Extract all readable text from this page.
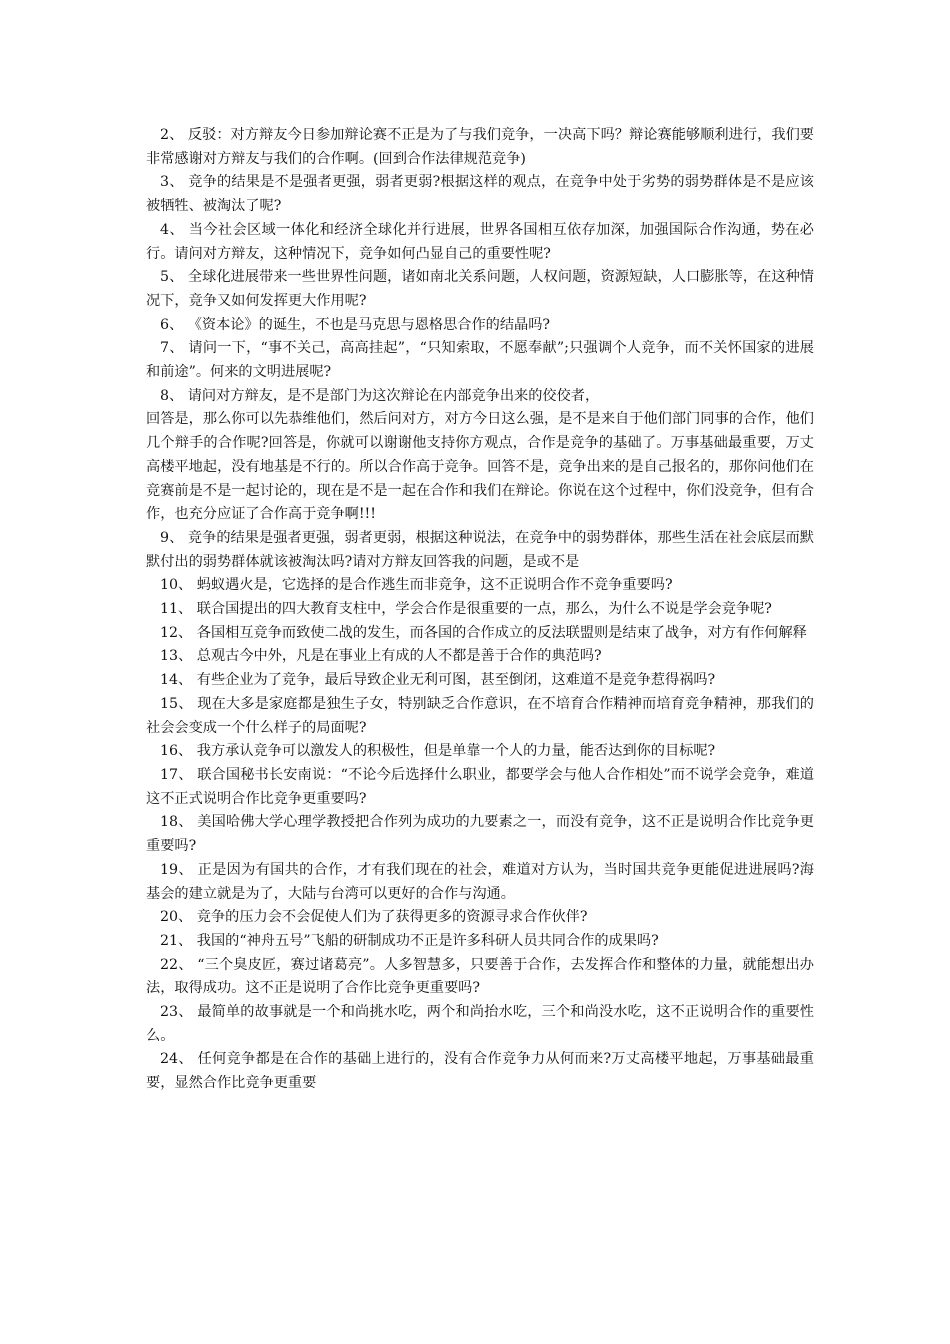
2、 反驳：对方辩友今日参加辩论赛不正是为了与我们竞争，一决高下吗？辩论赛能够顺利进行，我们要非常感谢对方辩友与我们的合作啊。(回到合作法律规范竞争)

3、 竞争的结果是不是强者更强，弱者更弱?根据这样的观点，在竞争中处于劣势的弱势群体是不是应该被牺牲、被淘汰了呢?

4、 当今社会区域一体化和经济全球化并行进展，世界各国相互依存加深，加强国际合作沟通，势在必行。请问对方辩友，这种情况下，竞争如何凸显自己的重要性呢?

5、 全球化进展带来一些世界性问题，诸如南北关系问题，人权问题，资源短缺，人口膨胀等，在这种情况下，竞争又如何发挥更大作用呢?

6、 《资本论》的诞生，不也是马克思与恩格思合作的结晶吗?

7、 请问一下，“事不关己，高高挂起”，“只知索取，不愿奉献”;只强调个人竞争，而不关怀国家的进展和前途”。何来的文明进展呢?

8、 请问对方辩友，是不是部门为这次辩论在内部竞争出来的佼佼者，

回答是，那么你可以先恭维他们，然后问对方，对方今日这么强，是不是来自于他们部门同事的合作，他们几个辩手的合作呢?回答是，你就可以谢谢他支持你方观点，合作是竞争的基础了。万事基础最重要，万丈高楼平地起，没有地基是不行的。所以合作高于竞争。回答不是，竞争出来的是自己报名的，那你问他们在竞赛前是不是一起讨论的，现在是不是一起在合作和我们在辩论。你说在这个过程中，你们没竞争，但有合作，也充分应证了合作高于竞争啊!!!

9、 竞争的结果是强者更强，弱者更弱，根据这种说法，在竞争中的弱势群体，那些生活在社会底层而默默付出的弱势群体就该被淘汰吗?请对方辩友回答我的问题，是或不是

10、 蚂蚁遇火是，它选择的是合作逃生而非竞争，这不正说明合作不竞争重要吗?

11、 联合国提出的四大教育支柱中，学会合作是很重要的一点，那么，为什么不说是学会竞争呢?

12、 各国相互竞争而致使二战的发生，而各国的合作成立的反法联盟则是结束了战争，对方有作何解释

13、 总观古今中外，凡是在事业上有成的人不都是善于合作的典范吗?

14、 有些企业为了竞争，最后导致企业无利可图，甚至倒闭，这难道不是竞争惹得祸吗?

15、 现在大多是家庭都是独生子女，特别缺乏合作意识，在不培育合作精神而培育竞争精神，那我们的社会会变成一个什么样子的局面呢?

16、 我方承认竞争可以激发人的积极性，但是单靠一个人的力量，能否达到你的目标呢?

17、 联合国秘书长安南说：“不论今后选择什么职业，都要学会与他人合作相处”而不说学会竞争，难道这不正式说明合作比竞争更重要吗?

18、 美国哈佛大学心理学教授把合作列为成功的九要素之一，而没有竞争，这不正是说明合作比竞争更重要吗?

19、 正是因为有国共的合作，才有我们现在的社会，难道对方认为，当时国共竞争更能促进进展吗?海基会的建立就是为了，大陆与台湾可以更好的合作与沟通。

20、 竞争的压力会不会促使人们为了获得更多的资源寻求合作伙伴?

21、 我国的“神舟五号”飞船的研制成功不正是许多科研人员共同合作的成果吗?

22、 “三个臭皮匠，赛过诸葛亮”。人多智慧多，只要善于合作，去发挥合作和整体的力量，就能想出办法，取得成功。这不正是说明了合作比竞争更重要吗?

23、 最简单的故事就是一个和尚挑水吃，两个和尚抬水吃，三个和尚没水吃，这不正说明合作的重要性么。

24、 任何竞争都是在合作的基础上进行的，没有合作竞争力从何而来?万丈高楼平地起，万事基础最重要，显然合作比竞争更重要
